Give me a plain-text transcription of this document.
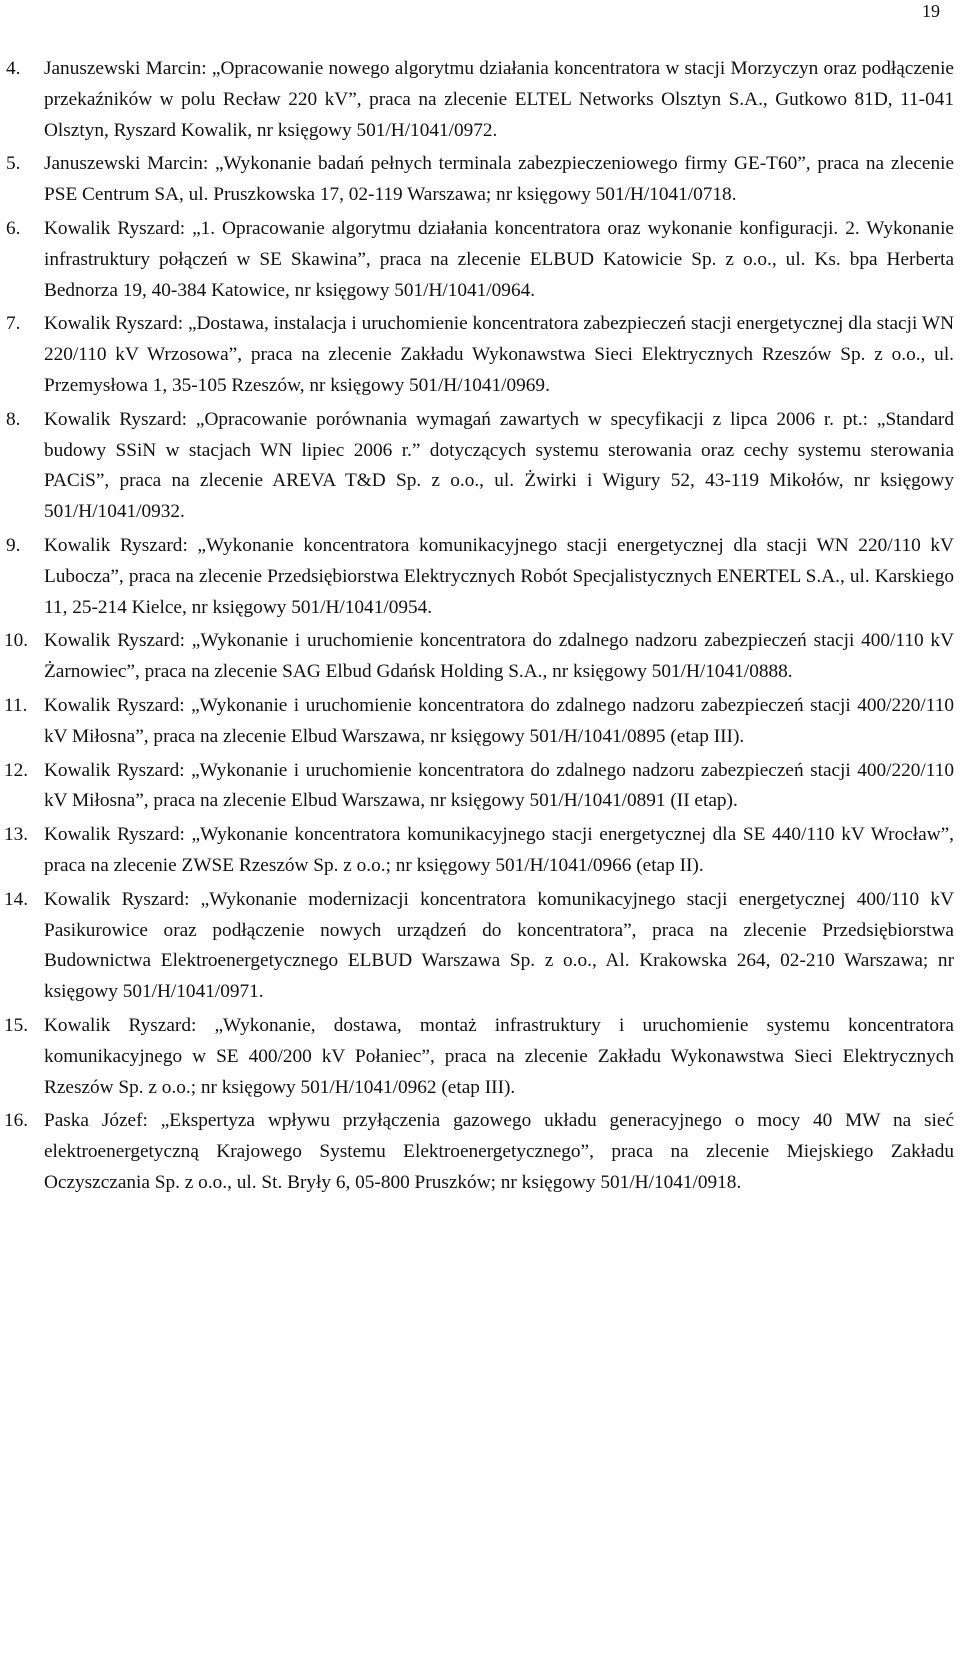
19
4.	Januszewski Marcin: „Opracowanie nowego algorytmu działania koncentratora w stacji Morzyczyn oraz podłączenie przekaźników w polu Recław 220 kV”, praca na zlecenie ELTEL Networks Olsztyn S.A., Gutkowo 81D, 11-041 Olsztyn, Ryszard Kowalik, nr księgowy 501/H/1041/0972.
5.	Januszewski Marcin: „Wykonanie badań pełnych terminala zabezpieczeniowego firmy GE-T60”, praca na zlecenie PSE Centrum SA, ul. Pruszkowska 17, 02-119 Warszawa; nr księgowy 501/H/1041/0718.
6.	Kowalik Ryszard: „1. Opracowanie algorytmu działania koncentratora oraz wykonanie konfiguracji. 2. Wykonanie infrastruktury połączeń w SE Skawina”, praca na zlecenie ELBUD Katowicie Sp. z o.o., ul. Ks. bpa Herberta Bednorza 19, 40-384 Katowice, nr księgowy 501/H/1041/0964.
7.	Kowalik Ryszard: „Dostawa, instalacja i uruchomienie koncentratora zabezpieczeń stacji energetycznej dla stacji WN 220/110 kV Wrzosowa”, praca na zlecenie Zakładu Wykonawstwa Sieci Elektrycznych Rzeszów Sp. z o.o., ul. Przemysłowa 1, 35-105 Rzeszów, nr księgowy 501/H/1041/0969.
8.	Kowalik Ryszard: „Opracowanie porównania wymagań zawartych w specyfikacji z lipca 2006 r. pt.: „Standard budowy SSiN w stacjach WN lipiec 2006 r.” dotyczących systemu sterowania oraz cechy systemu sterowania PACiS”, praca na zlecenie AREVA T&D Sp. z o.o., ul. Żwirki i Wigury 52, 43-119 Mikołów, nr księgowy 501/H/1041/0932.
9.	Kowalik Ryszard: „Wykonanie koncentratora komunikacyjnego stacji energetycznej dla stacji WN 220/110 kV Lubocza”, praca na zlecenie Przedsiębiorstwa Elektrycznych Robót Specjalistycznych ENERTEL S.A., ul. Karskiego 11, 25-214 Kielce, nr księgowy 501/H/1041/0954.
10. Kowalik Ryszard: „Wykonanie i uruchomienie koncentratora do zdalnego nadzoru zabezpieczeń stacji 400/110 kV Żarnowiec”, praca na zlecenie SAG Elbud Gdańsk Holding S.A., nr księgowy 501/H/1041/0888.
11. Kowalik Ryszard: „Wykonanie i uruchomienie koncentratora do zdalnego nadzoru zabezpieczeń stacji 400/220/110 kV Miłosna”, praca na zlecenie Elbud Warszawa, nr księgowy 501/H/1041/0895 (etap III).
12. Kowalik Ryszard: „Wykonanie i uruchomienie koncentratora do zdalnego nadzoru zabezpieczeń stacji 400/220/110 kV Miłosna”, praca na zlecenie Elbud Warszawa, nr księgowy 501/H/1041/0891 (II etap).
13. Kowalik Ryszard: „Wykonanie koncentratora komunikacyjnego stacji energetycznej dla SE 440/110 kV Wrocław”, praca na zlecenie ZWSE Rzeszów Sp. z o.o.; nr księgowy 501/H/1041/0966 (etap II).
14. Kowalik Ryszard: „Wykonanie modernizacji koncentratora komunikacyjnego stacji energetycznej 400/110 kV Pasikurowice oraz podłączenie nowych urządzeń do koncentratora”, praca na zlecenie Przedsiębiorstwa Budownictwa Elektroenergetycznego ELBUD Warszawa Sp. z o.o., Al. Krakowska 264, 02-210 Warszawa; nr księgowy 501/H/1041/0971.
15. Kowalik Ryszard: „Wykonanie, dostawa, montaż infrastruktury i uruchomienie systemu koncentratora komunikacyjnego w SE 400/200 kV Połaniec”, praca na zlecenie Zakładu Wykonawstwa Sieci Elektrycznych Rzeszów Sp. z o.o.; nr księgowy 501/H/1041/0962 (etap III).
16. Paska Józef: „Ekspertyza wpływu przyłączenia gazowego układu generacyjnego o mocy 40 MW na sieć elektroenergetyczną Krajowego Systemu Elektroenergetycznego”, praca na zlecenie Miejskiego Zakładu Oczyszczania Sp. z o.o., ul. St. Bryły 6, 05-800 Pruszków; nr księgowy 501/H/1041/0918.
